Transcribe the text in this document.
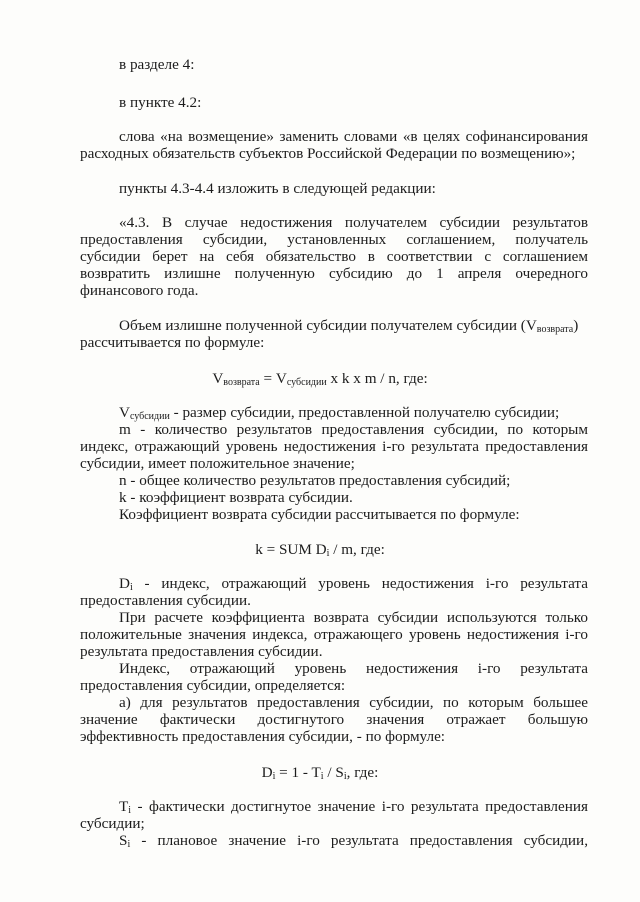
в разделе 4:
в пункте 4.2:
слова «на возмещение» заменить словами «в целях софинансирования
расходных обязательств субъектов Российской Федерации по возмещению»;
пункты 4.3-4.4 изложить в следующей редакции:
«4.3. В случае недостижения получателем субсидии результатов
предоставления субсидии, установленных соглашением, получатель
субсидии берет на себя обязательство в соответствии с соглашением
возвратить излишне полученную субсидию до 1 апреля очередного
финансового года.
Объем излишне полученной субсидии получателем субсидии $(V_{возврата})$
рассчитывается по формуле:
$V_{возврата} = V_{субсидии}$ x k x m / n, где:
$V_{субсидии}$ - размер субсидии, предоставленной получателю субсидии;
m - количество результатов предоставления субсидии, по которым
индекс, отражающий уровень недостижения i-го результата предоставления
субсидии, имеет положительное значение;
n - общее количество результатов предоставления субсидий;
k - коэффициент возврата субсидии.
Коэффициент возврата субсидии рассчитывается по формуле:
k = SUM $D_i$ / m, где:
$D_i$ - индекс, отражающий уровень недостижения i-го результата
предоставления субсидии.
При расчете коэффициента возврата субсидии используются только
положительные значения индекса, отражающего уровень недостижения i-го
результата предоставления субсидии.
Индекс, отражающий уровень недостижения i-го результата
предоставления субсидии, определяется:
а) для результатов предоставления субсидии, по которым большее
значение фактически достигнутого значения отражает большую
эффективность предоставления субсидии, - по формуле:
$D_i = 1 - T_i / S_i$, где:
$T_i$ - фактически достигнутое значение i-го результата предоставления
субсидии;
$S_i$ - плановое значение i-го результата предоставления субсидии,
